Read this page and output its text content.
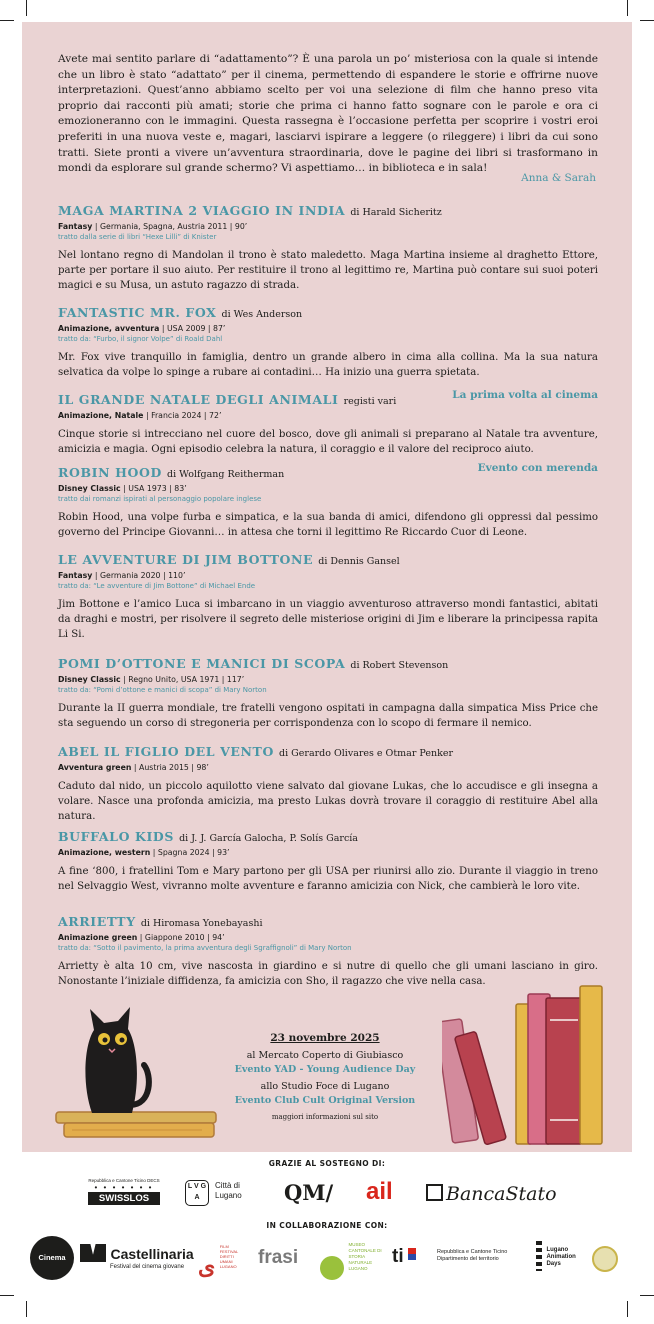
Avete mai sentito parlare di “adattamento”? È una parola un po’ misteriosa con la quale si intende che un libro è stato “adattato” per il cinema, permettendo di espandere le storie e offrirne nuove interpretazioni. Quest’anno abbiamo scelto per voi una selezione di film che hanno preso vita proprio dai racconti più amati; storie che prima ci hanno fatto sognare con le parole e ora ci emozioneranno con le immagini. Questa rassegna è l’occasione perfetta per scoprire i vostri eroi preferiti in una nuova veste e, magari, lasciarvi ispirare a leggere (o rileggere) i libri da cui sono tratti. Siete pronti a vivere un’avventura straordinaria, dove le pagine dei libri si trasformano in mondi da esplorare sul grande schermo? Vi aspettiamo… in biblioteca e in sala!
Anna & Sarah
MAGA MARTINA 2 VIAGGIO IN INDIA di Harald Sicheritz
Fantasy | Germania, Spagna, Austria 2011 | 90’
tratto dalla serie di libri “Hexe Lilli” di Knister
Nel lontano regno di Mandolan il trono è stato maledetto. Maga Martina insieme al draghetto Ettore, parte per portare il suo aiuto. Per restituire il trono al legittimo re, Martina può contare sui suoi poteri magici e su Musa, un astuto ragazzo di strada.
FANTASTIC MR. FOX di Wes Anderson
Animazione, avventura | USA 2009 | 87’
tratto da: “Furbo, il signor Volpe” di Roald Dahl
Mr. Fox vive tranquillo in famiglia, dentro un grande albero in cima alla collina. Ma la sua natura selvatica da volpe lo spinge a rubare ai contadini… Ha inizio una guerra spietata.
La prima volta al cinema
IL GRANDE NATALE DEGLI ANIMALI registi vari
Animazione, Natale | Francia 2024 | 72’
Cinque storie si intrecciano nel cuore del bosco, dove gli animali si preparano al Natale tra avventure, amicizia e magia. Ogni episodio celebra la natura, il coraggio e il valore del reciproco aiuto.
Evento con merenda
ROBIN HOOD di Wolfgang Reitherman
Disney Classic | USA 1973 | 83’
tratto dai romanzi ispirati al personaggio popolare inglese
Robin Hood, una volpe furba e simpatica, e la sua banda di amici, difendono gli oppressi dal pessimo governo del Principe Giovanni… in attesa che torni il legittimo Re Riccardo Cuor di Leone.
LE AVVENTURE DI JIM BOTTONE di Dennis Gansel
Fantasy | Germania 2020 | 110’
tratto da: “Le avventure di Jim Bottone” di Michael Ende
Jim Bottone e l’amico Luca si imbarcano in un viaggio avventuroso attraverso mondi fantastici, abitati da draghi e mostri, per risolvere il segreto delle misteriose origini di Jim e liberare la principessa rapita Li Si.
POMI D’OTTONE E MANICI DI SCOPA di Robert Stevenson
Disney Classic | Regno Unito, USA 1971 | 117’
tratto da: “Pomi d’ottone e manici di scopa” di Mary Norton
Durante la II guerra mondiale, tre fratelli vengono ospitati in campagna dalla simpatica Miss Price che sta seguendo un corso di stregoneria per corrispondenza con lo scopo di fermare il nemico.
ABEL IL FIGLIO DEL VENTO di Gerardo Olivares e Otmar Penker
Avventura green | Austria 2015 | 98’
Caduto dal nido, un piccolo aquilotto viene salvato dal giovane Lukas, che lo accudisce e gli insegna a volare. Nasce una profonda amicizia, ma presto Lukas dovrà trovare il coraggio di restituire Abel alla natura.
BUFFALO KIDS di J. J. García Galocha, P. Solís García
Animazione, western | Spagna 2024 | 93’
A fine ‘800, i fratellini Tom e Mary partono per gli USA per riunirsi allo zio. Durante il viaggio in treno nel Selvaggio West, vivranno molte avventure e faranno amicizia con Nick, che cambierà le loro vite.
ARRIETTY di Hiromasa Yonebayashi
Animazione green | Giappone 2010 | 94’
tratto da: “Sotto il pavimento, la prima avventura degli Sgraffignoli” di Mary Norton
Arrietty è alta 10 cm, vive nascosta in giardino e si nutre di quello che gli umani lasciano in giro. Nonostante l’iniziale diffidenza, fa amicizia con Sho, il ragazzo che vive nella casa.
23 novembre 2025
al Mercato Coperto di Giubiasco
Evento YAD - Young Audience Day
allo Studio Foce di Lugano
Evento Club Cult Original Version
maggiori informazioni sul sito
GRAZIE AL SOSTEGNO DI:
Repubblica e Cantone Ticino DECS
• • • • • • •
SWISSLOS
L V G A
Città di Lugano	QM/ ail	BancaStato
IN COLLABORAZIONE CON:
Cinema Foce
Castellinaria
Festival del cinema giovane ى FILM FESTIVAL DIRITTI UMANI LUGANO	frasi
MUSEO CANTONALE DI STORIA NATURALE LUGANO
ti	Repubblica e Cantone Ticino Dipartimento del territorio
Lugano Animation Days
